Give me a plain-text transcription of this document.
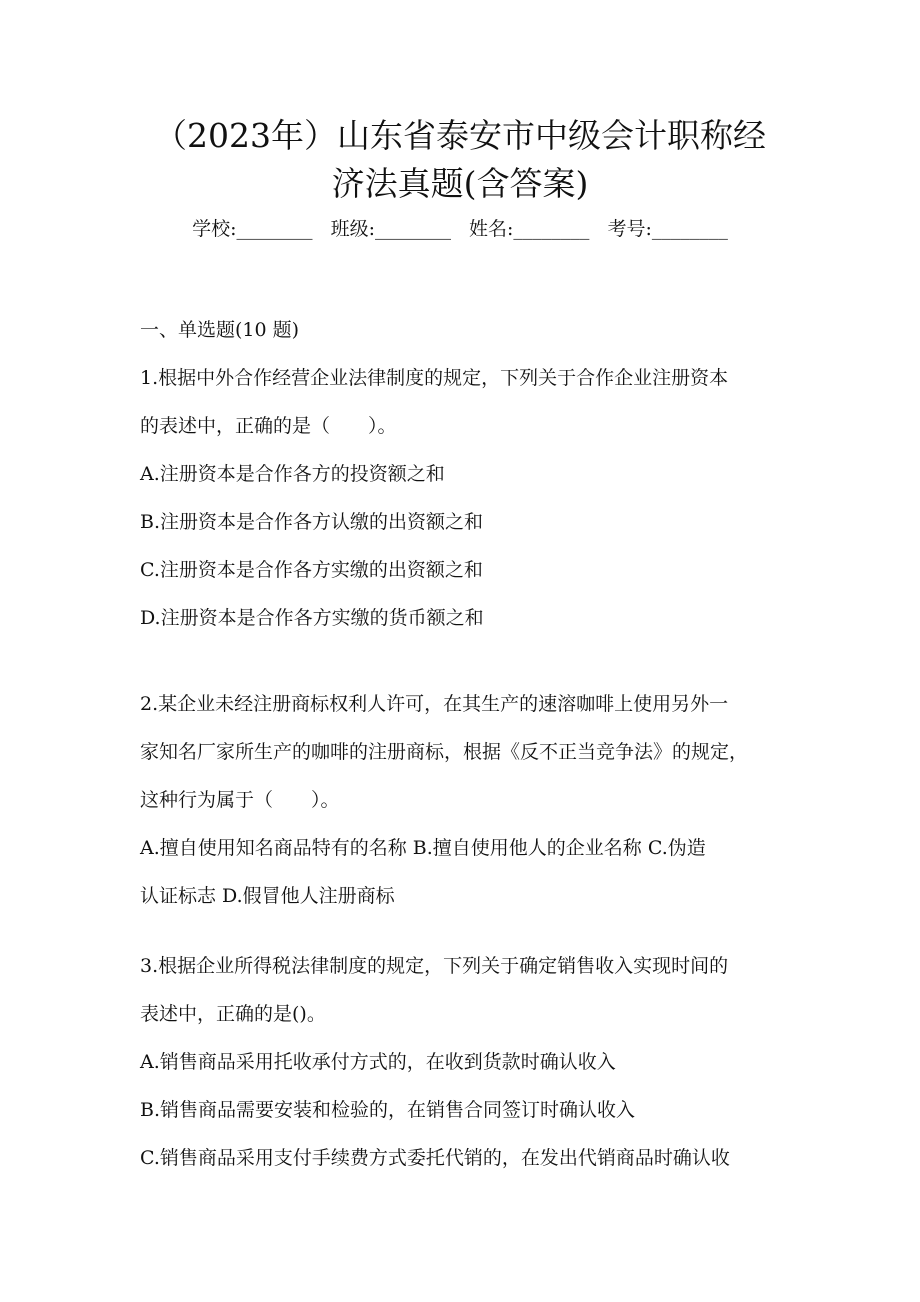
（2023年）山东省泰安市中级会计职称经
济法真题(含答案)
学校:________ 班级:________ 姓名:________ 考号:________
一、单选题(10 题)

1.根据中外合作经营企业法律制度的规定，下列关于合作企业注册资本

的表述中，正确的是（　　）。

A.注册资本是合作各方的投资额之和

B.注册资本是合作各方认缴的出资额之和

C.注册资本是合作各方实缴的出资额之和

D.注册资本是合作各方实缴的货币额之和

2.某企业未经注册商标权利人许可，在其生产的速溶咖啡上使用另外一

家知名厂家所生产的咖啡的注册商标，根据《反不正当竞争法》的规定，

这种行为属于（　　）。

A.擅自使用知名商品特有的名称 B.擅自使用他人的企业名称 C.伪造

认证标志 D.假冒他人注册商标

3.根据企业所得税法律制度的规定，下列关于确定销售收入实现时间的

表述中，正确的是()。

A.销售商品采用托收承付方式的，在收到货款时确认收入

B.销售商品需要安装和检验的，在销售合同签订时确认收入

C.销售商品采用支付手续费方式委托代销的，在发出代销商品时确认收
